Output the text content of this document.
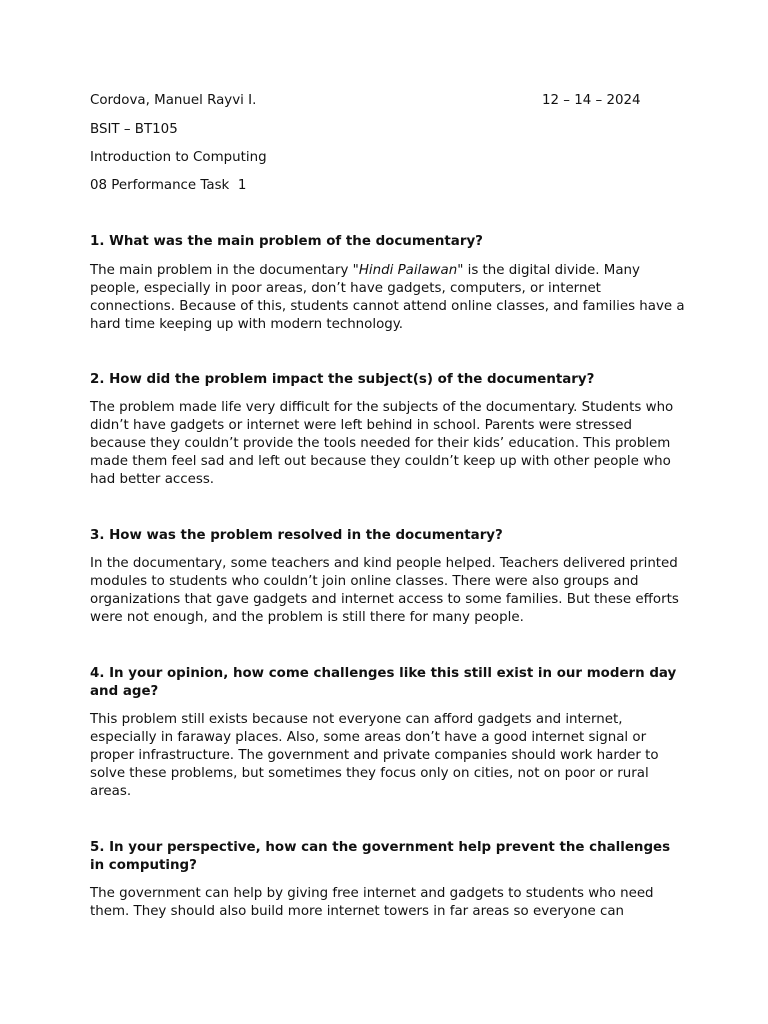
Cordova, Manuel Rayvi I.	12 – 14 – 2024
BSIT – BT105
Introduction to Computing
08 Performance Task  1
1. What was the main problem of the documentary?
The main problem in the documentary "Hindi Pailawan" is the digital divide. Many people, especially in poor areas, don’t have gadgets, computers, or internet connections. Because of this, students cannot attend online classes, and families have a hard time keeping up with modern technology.
2. How did the problem impact the subject(s) of the documentary?
The problem made life very difficult for the subjects of the documentary. Students who didn’t have gadgets or internet were left behind in school. Parents were stressed because they couldn’t provide the tools needed for their kids’ education. This problem made them feel sad and left out because they couldn’t keep up with other people who had better access.
3. How was the problem resolved in the documentary?
In the documentary, some teachers and kind people helped. Teachers delivered printed modules to students who couldn’t join online classes. There were also groups and organizations that gave gadgets and internet access to some families. But these efforts were not enough, and the problem is still there for many people.
4. In your opinion, how come challenges like this still exist in our modern day and age?
This problem still exists because not everyone can afford gadgets and internet, especially in faraway places. Also, some areas don’t have a good internet signal or proper infrastructure. The government and private companies should work harder to solve these problems, but sometimes they focus only on cities, not on poor or rural areas.
5. In your perspective, how can the government help prevent the challenges in computing?
The government can help by giving free internet and gadgets to students who need them. They should also build more internet towers in far areas so everyone can
